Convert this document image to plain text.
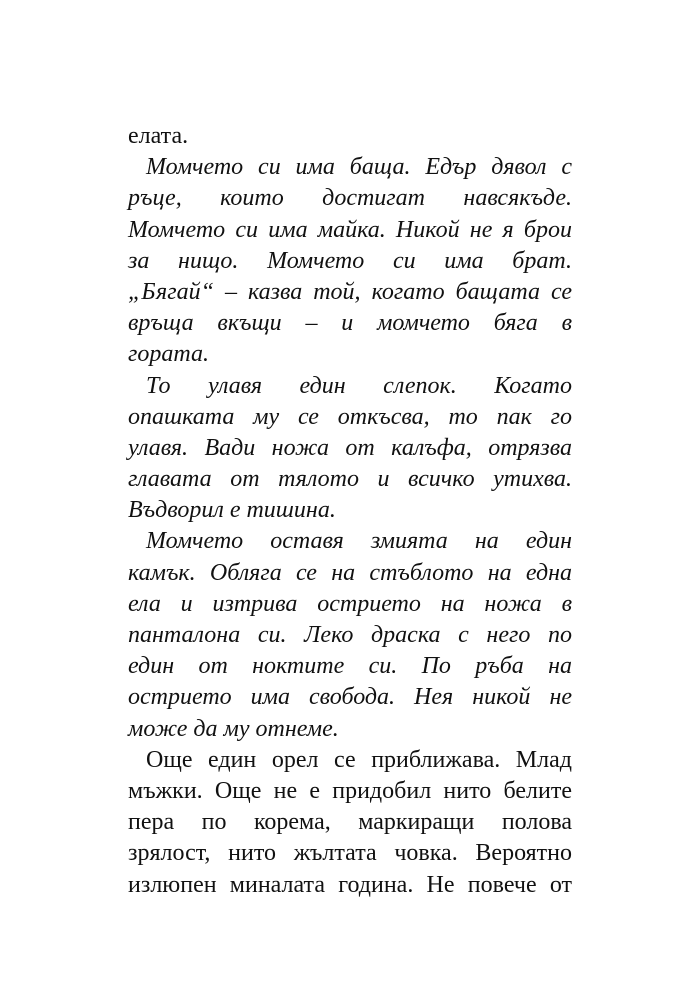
елата.
Момчето си има баща. Едър дявол с
ръце, които достигат навсякъде.
Момчето си има майка. Никой не я брои
за нищо. Момчето си има брат.
„Бягай“ – казва той, когато бащата се
връща вкъщи – и момчето бяга в
гората.
То улавя един слепок. Когато
опашката му се откъсва, то пак го
улавя. Вади ножа от калъфа, отрязва
главата от тялото и всичко утихва.
Въдворил е тишина.
Момчето оставя змията на един
камък. Обляга се на стъблото на една
ела и изтрива острието на ножа в
панталона си. Леко драска с него по
един от ноктите си. По ръба на
острието има свобода. Нея никой не
може да му отнеме.
Още един орел се приближава. Млад
мъжки. Още не е придобил нито белите
пера по корема, маркиращи полова
зрялост, нито жълтата човка. Вероятно
излюпен миналата година. Не повече от
